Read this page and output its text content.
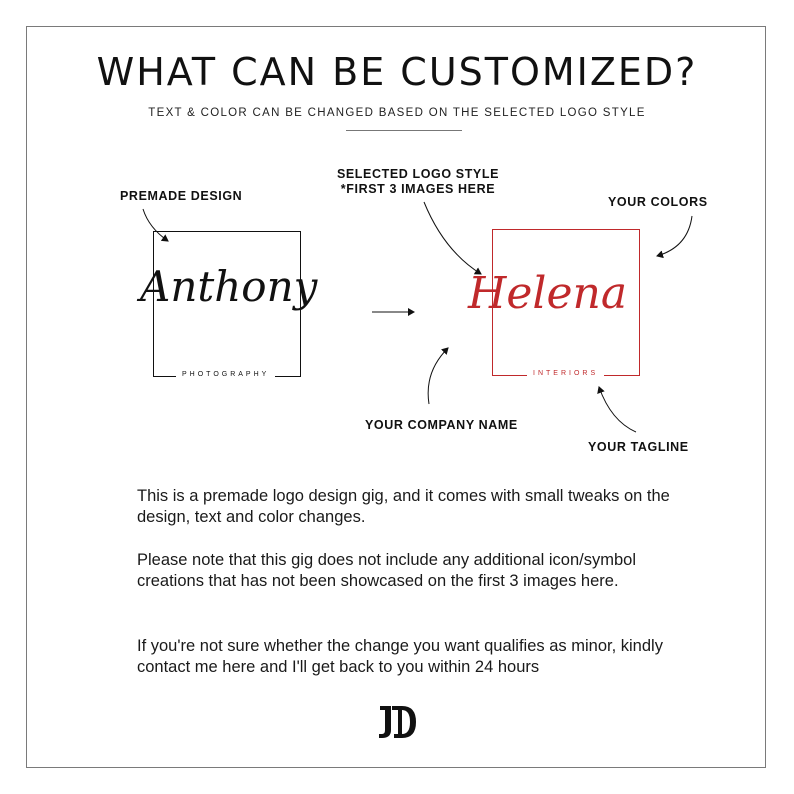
WHAT CAN BE CUSTOMIZED?
TEXT & COLOR CAN BE CHANGED BASED ON THE SELECTED LOGO STYLE
PREMADE DESIGN
SELECTED LOGO STYLE
*FIRST 3 IMAGES HERE
YOUR COLORS
YOUR COMPANY NAME
YOUR TAGLINE
Anthony
PHOTOGRAPHY
Helena
INTERIORS
This is a premade logo design gig, and it comes with small tweaks on the design, text and color changes.
Please note that this gig does not include any additional icon/symbol creations that has not been showcased on the first 3 images here.
If you're not sure whether the change you want qualifies as minor, kindly contact me here and I'll get back to you within 24 hours
